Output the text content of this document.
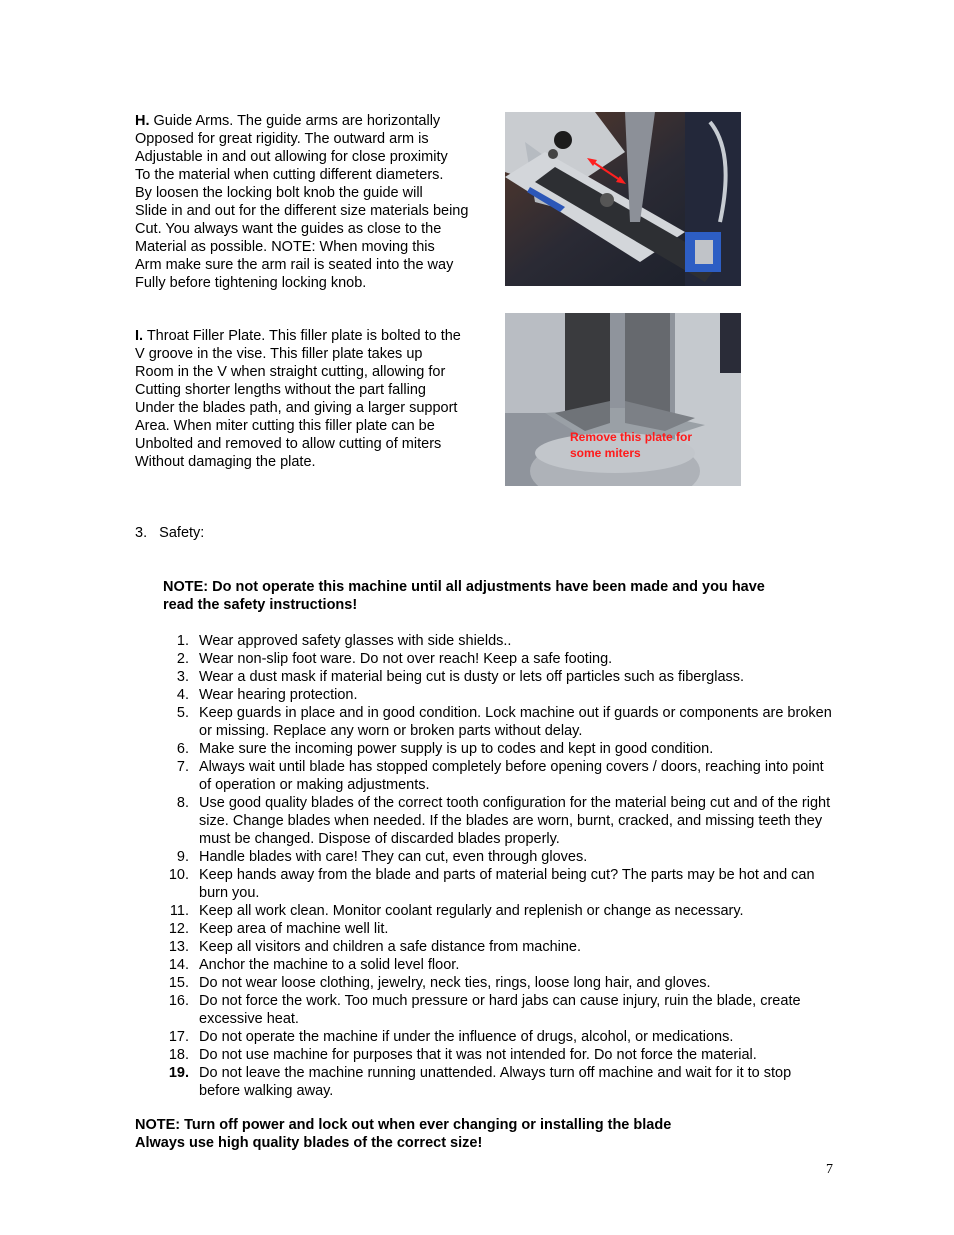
H. Guide Arms. The guide arms are horizontally
Opposed for great rigidity. The outward arm is
Adjustable in and out allowing for close proximity
To the material when cutting different diameters.
By loosen the locking bolt knob the guide will
Slide in and out for the different size materials being
Cut. You always want the guides as close to the
Material as possible. NOTE: When moving this
Arm make sure the arm rail is seated into the way
Fully before tightening locking knob.
I. Throat Filler Plate. This filler plate is bolted to the
V groove in the vise. This filler plate takes up
Room in the V when straight cutting, allowing for
Cutting shorter lengths without the part falling
Under the blades path, and giving a larger support
Area. When miter cutting this filler plate can be
Unbolted and removed to allow cutting of miters
Without damaging the plate.
Remove this plate for
some miters
3.   Safety:
NOTE: Do not operate this machine until all adjustments have been made and you have
read the safety instructions!
1. Wear approved safety glasses with side shields..
2. Wear non-slip foot ware. Do not over reach! Keep a safe footing.
3. Wear a dust mask if material being cut is dusty or lets off particles such as fiberglass.
4. Wear hearing protection.
5. Keep guards in place and in good condition. Lock machine out if guards or components are broken or missing. Replace any worn or broken parts without delay.
6. Make sure the incoming power supply is up to codes and kept in good condition.
7. Always wait until blade has stopped completely before opening covers / doors, reaching into point of operation or making adjustments.
8. Use good quality blades of the correct tooth configuration for the material being cut and of the right size. Change blades when needed. If the blades are worn, burnt, cracked, and missing teeth they must be changed. Dispose of discarded blades properly.
9. Handle blades with care! They can cut, even through gloves.
10. Keep hands away from the blade and parts of material being cut? The parts may be hot and can burn you.
11. Keep all work clean. Monitor coolant regularly and replenish or change as necessary.
12. Keep area of machine well lit.
13. Keep all visitors and children a safe distance from machine.
14. Anchor the machine to a solid level floor.
15. Do not wear loose clothing, jewelry, neck ties, rings, loose long hair, and gloves.
16. Do not force the work. Too much pressure or hard jabs can cause injury, ruin the blade, create excessive heat.
17. Do not operate the machine if under the influence of drugs, alcohol, or medications.
18. Do not use machine for purposes that it was not intended for. Do not force the material.
19. Do not leave the machine running unattended. Always turn off machine and wait for it to stop before walking away.
NOTE: Turn off power and lock out when ever changing or installing the blade
Always use high quality blades of the correct size!
7
